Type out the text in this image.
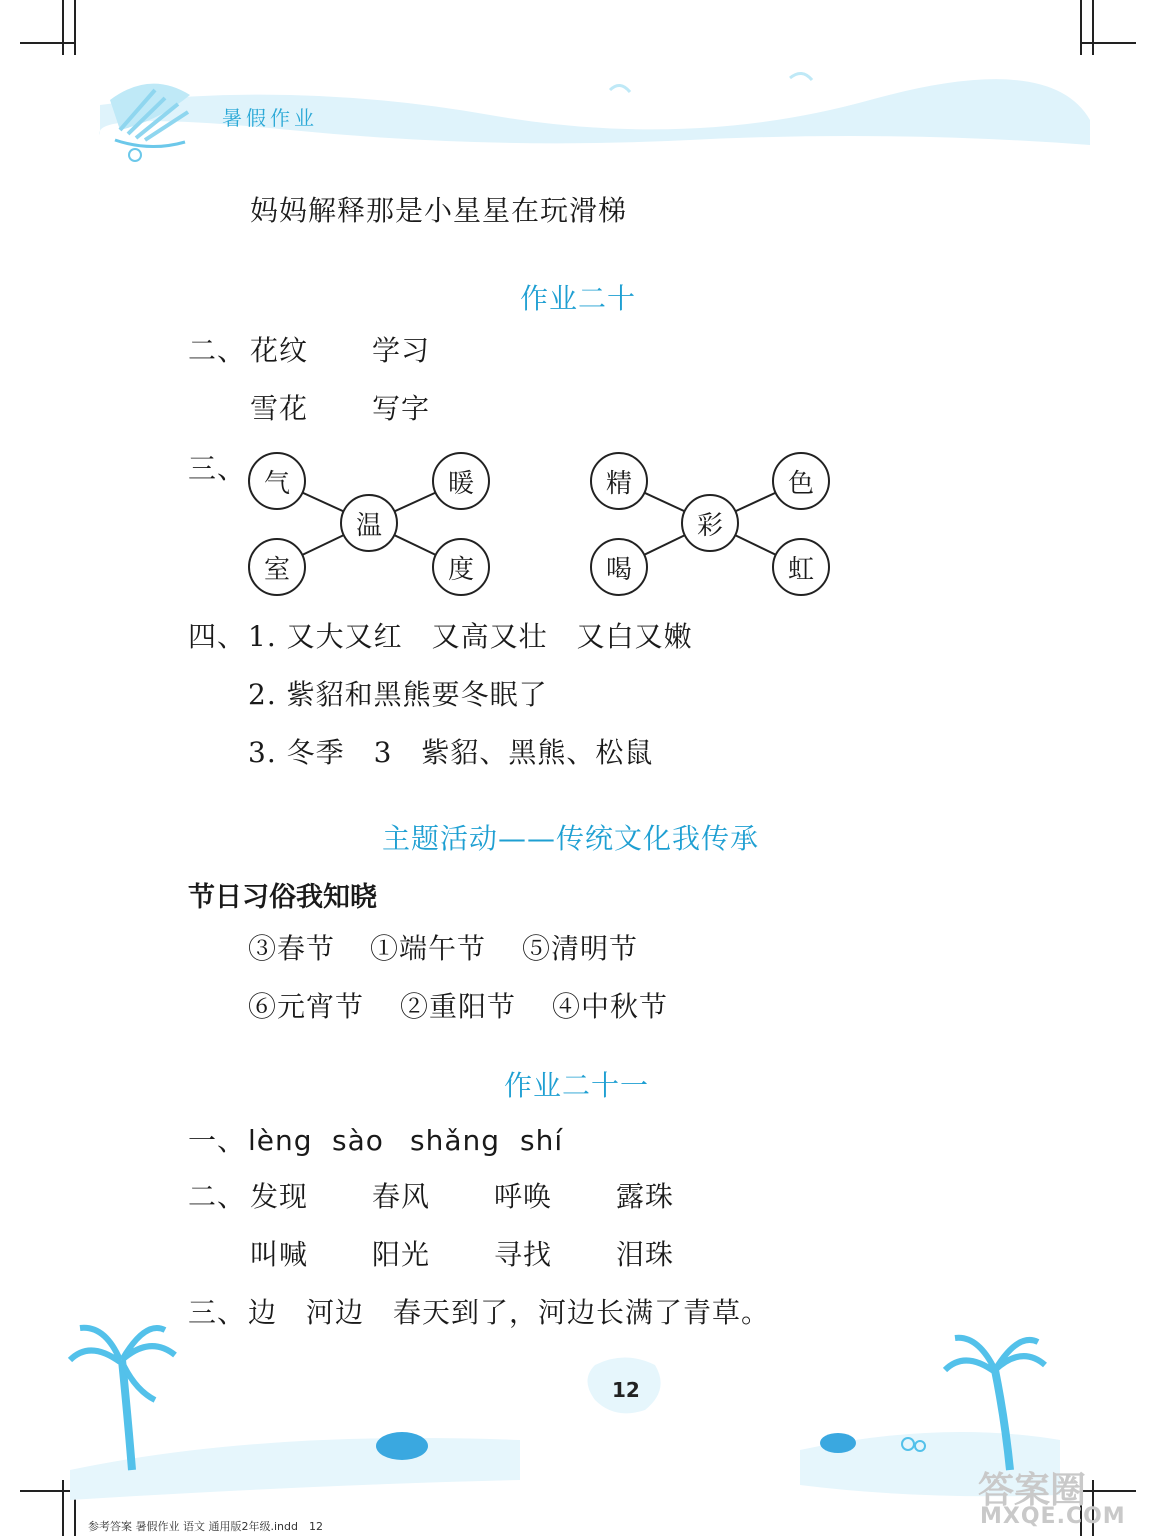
暑假作业
妈妈解释那是小星星在玩滑梯
作业二十
二、 花纹 学习
雪花 写字
三、 气	暖
温
室	度
精	色
彩
喝	虹
四、 1. 又大又红　又高又壮　又白又嫩
2. 紫貂和黑熊要冬眠了
3. 冬季　3　紫貂、黑熊、松鼠
主题活动——传统文化我传承
节日习俗我知晓
③春节 ①端午节 ⑤清明节
⑥元宵节 ②重阳节 ④中秋节
作业二十一
一、 lèng sào shǎng shí
二、 发现 春风 呼唤 露珠
叫喊 阳光 寻找 泪珠
三、 边　河边　春天到了，河边长满了青草。
12
答案圈
MXQE.COM
参考答案 暑假作业 语文 通用版2年级.indd　12
